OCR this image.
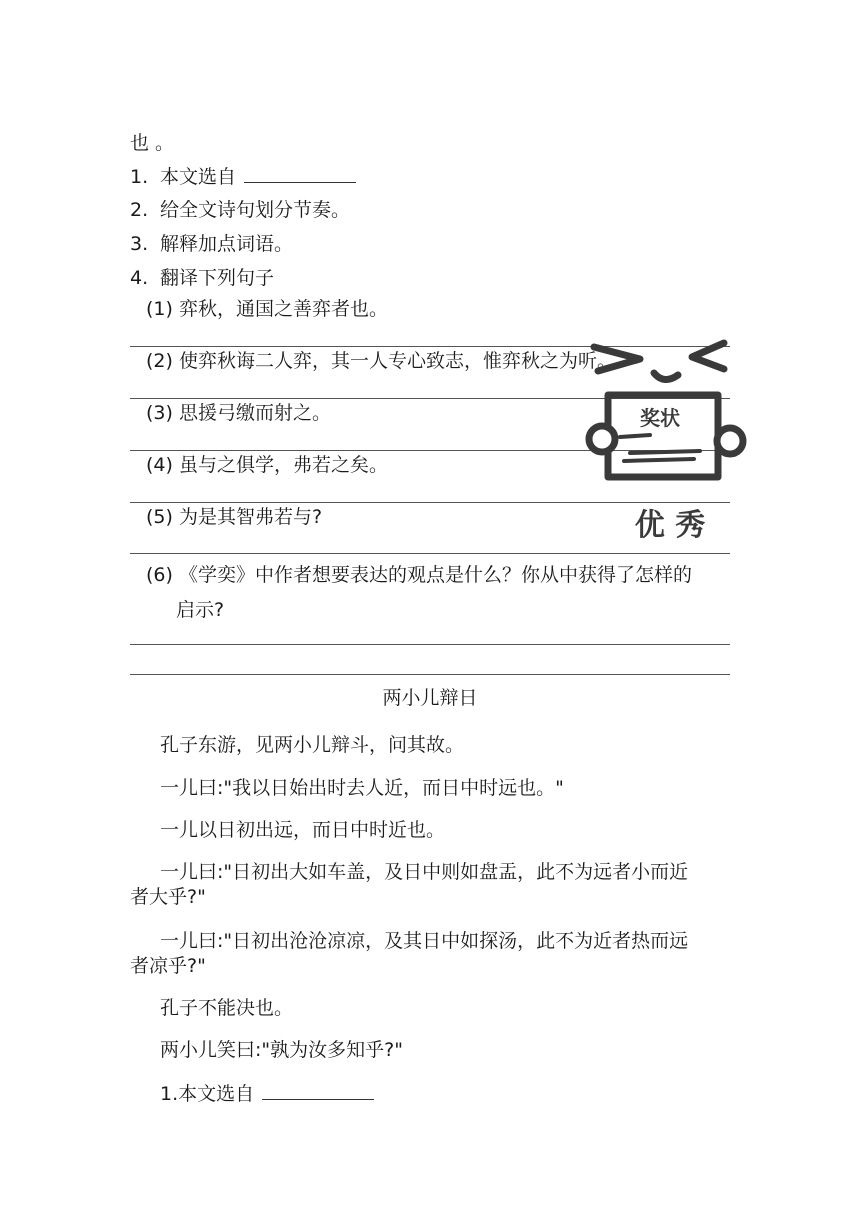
也 。
1. 本文选自
2. 给全文诗句划分节奏。
3. 解释加点词语。
4. 翻译下列句子
(1) 弈秋，通国之善弈者也。
(2) 使弈秋诲二人弈，其一人专心致志，惟弈秋之为听。
(3) 思援弓缴而射之。
(4) 虽与之俱学，弗若之矣。
(5) 为是其智弗若与?
(6) 《学奕》中作者想要表达的观点是什么？你从中获得了怎样的
启示?
奖状
优 秀
两小儿辩日
孔子东游，见两小儿辩斗，问其故。
一儿曰:"我以日始出时去人近，而日中时远也。"
一儿以日初出远，而日中时近也。
一儿曰:"日初出大如车盖，及日中则如盘盂，此不为远者小而近
者大乎?"
一儿曰:"日初出沧沧凉凉，及其日中如探汤，此不为近者热而远
者凉乎?"
孔子不能决也。
两小儿笑曰:"孰为汝多知乎?"
1.本文选自
